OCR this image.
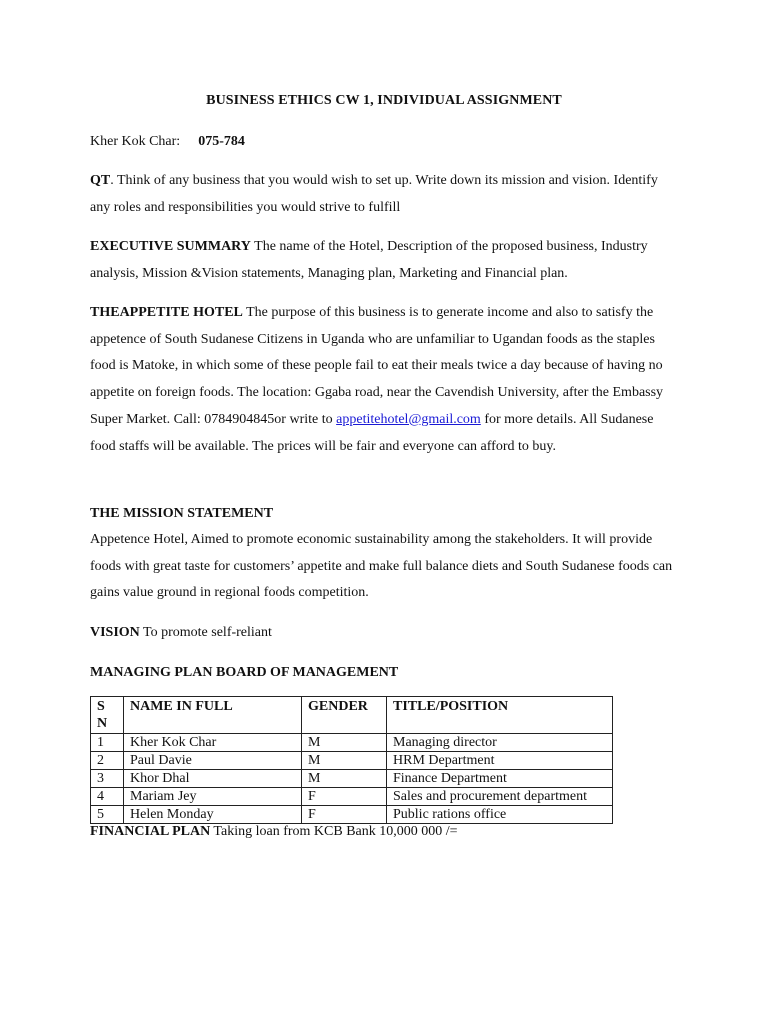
BUSINESS ETHICS CW 1, INDIVIDUAL ASSIGNMENT
Kher Kok Char: 075-784
QT. Think of any business that you would wish to set up. Write down its mission and vision. Identify any roles and responsibilities you would strive to fulfill
EXECUTIVE SUMMARY The name of the Hotel, Description of the proposed business, Industry analysis, Mission &Vision statements, Managing plan, Marketing and Financial plan.
THEAPPETITE HOTEL The purpose of this business is to generate income and also to satisfy the appetence of South Sudanese Citizens in Uganda who are unfamiliar to Ugandan foods as the staples food is Matoke, in which some of these people fail to eat their meals twice a day because of having no appetite on foreign foods. The location: Ggaba road, near the Cavendish University, after the Embassy Super Market. Call: 0784904845or write to appetitehotel@gmail.com for more details. All Sudanese food staffs will be available. The prices will be fair and everyone can afford to buy.
THE MISSION STATEMENT
Appetence Hotel, Aimed to promote economic sustainability among the stakeholders. It will provide foods with great taste for customers’ appetite and make full balance diets and South Sudanese foods can gains value ground in regional foods competition.
VISION To promote self-reliant
MANAGING PLAN BOARD OF MANAGEMENT
S N	NAME IN FULL	GENDER	TITLE/POSITION
1	Kher Kok Char	M	Managing director
2	Paul Davie	M	HRM Department
3	Khor Dhal	M	Finance Department
4	Mariam Jey	F	Sales and procurement department
5	Helen Monday	F	Public rations office
FINANCIAL PLAN Taking loan from KCB Bank 10,000 000 /=
